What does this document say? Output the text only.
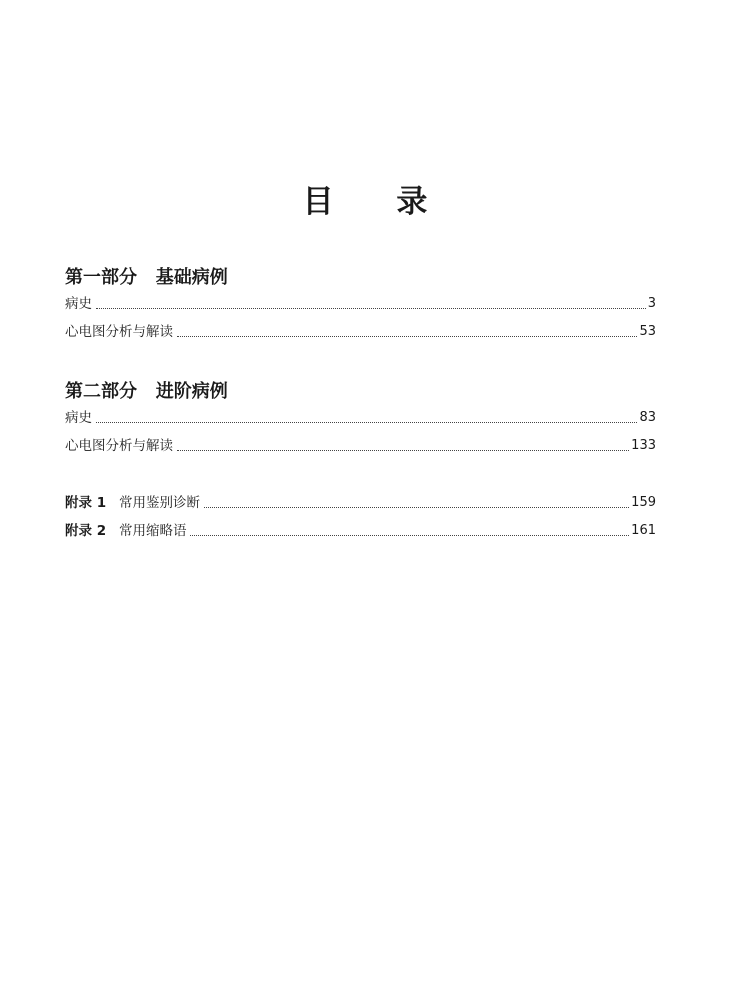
目 录
第一部分   基础病例
病史	3
心电图分析与解读	53
第二部分   进阶病例
病史	83
心电图分析与解读	133
附录 1 常用鉴别诊断	159
附录 2 常用缩略语	161
